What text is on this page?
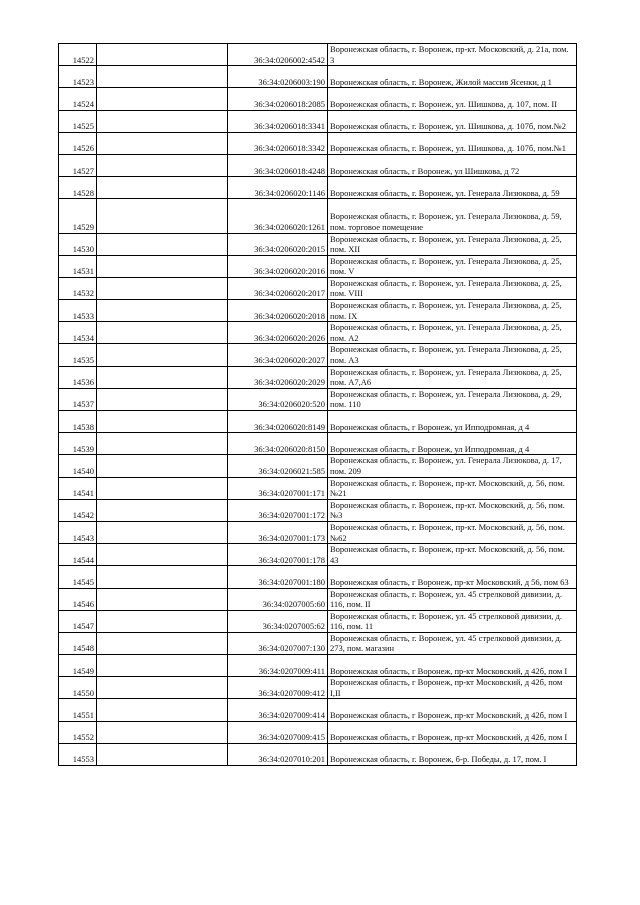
14522		36:34:0206002:4542	Воронежская область, г. Воронеж, пр-кт. Московский, д. 21а, пом. 3
14523		36:34:0206003:190	Воронежская область, г. Воронеж, Жилой массив Ясенки, д 1
14524		36:34:0206018:2085	Воронежская область, г. Воронеж, ул. Шишкова, д. 107, пом. II
14525		36:34:0206018:3341	Воронежская область, г. Воронеж, ул. Шишкова, д. 107б, пом.№2
14526		36:34:0206018:3342	Воронежская область, г. Воронеж, ул. Шишкова, д. 107б, пом.№1
14527		36:34:0206018:4248	Воронежская область, г Воронеж, ул Шишкова, д 72
14528		36:34:0206020:1146	Воронежская область, г. Воронеж, ул. Генерала Лизюкова, д. 59
14529		36:34:0206020:1261	Воронежская область, г. Воронеж, ул. Генерала Лизюкова, д. 59, пом. торговое помещение
14530		36:34:0206020:2015	Воронежская область, г. Воронеж, ул. Генерала Лизюкова, д. 25, пом. XII
14531		36:34:0206020:2016	Воронежская область, г. Воронеж, ул. Генерала Лизюкова, д. 25, пом. V
14532		36:34:0206020:2017	Воронежская область, г. Воронеж, ул. Генерала Лизюкова, д. 25, пом. VIII
14533		36:34:0206020:2018	Воронежская область, г. Воронеж, ул. Генерала Лизюкова, д. 25, пом. IX
14534		36:34:0206020:2026	Воронежская область, г. Воронеж, ул. Генерала Лизюкова, д. 25, пом. А2
14535		36:34:0206020:2027	Воронежская область, г. Воронеж, ул. Генерала Лизюкова, д. 25, пом. А3
14536		36:34:0206020:2029	Воронежская область, г. Воронеж, ул. Генерала Лизюкова, д. 25, пом. А7,А6
14537		36:34:0206020:520	Воронежская область, г. Воронеж, ул. Генерала Лизюкова, д. 29, пом. 110
14538		36:34:0206020:8149	Воронежская область, г Воронеж, ул Ипподромная, д 4
14539		36:34:0206020:8150	Воронежская область, г Воронеж, ул Ипподромная, д 4
14540		36:34:0206021:585	Воронежская область, г. Воронеж, ул. Генерала Лизюкова, д. 17, пом. 209
14541		36:34:0207001:171	Воронежская область, г. Воронеж, пр-кт. Московский, д. 56, пом. №21
14542		36:34:0207001:172	Воронежская область, г. Воронеж, пр-кт. Московский, д. 56, пом. №3
14543		36:34:0207001:173	Воронежская область, г. Воронеж, пр-кт. Московский, д. 56, пом. №62
14544		36:34:0207001:178	Воронежская область, г. Воронеж, пр-кт. Московский, д. 56, пом. 43
14545		36:34:0207001:180	Воронежская область, г Воронеж, пр-кт Московский, д 56, пом 63
14546		36:34:0207005:60	Воронежская область, г. Воронеж, ул. 45 стрелковой дивизии, д. 116, пом. II
14547		36:34:0207005:62	Воронежская область, г. Воронеж, ул. 45 стрелковой дивизии, д. 116, пом. 11
14548		36:34:0207007:130	Воронежская область, г. Воронеж, ул. 45 стрелковой дивизии, д. 273, пом. магазин
14549		36:34:0207009:411	Воронежская область, г Воронеж, пр-кт Московский, д 42б, пом I
14550		36:34:0207009:412	Воронежская область, г Воронеж, пр-кт Московский, д 42б, пом I,II
14551		36:34:0207009:414	Воронежская область, г Воронеж, пр-кт Московский, д 42б, пом I
14552		36:34:0207009:415	Воронежская область, г Воронеж, пр-кт Московский, д 42б, пом I
14553		36:34:0207010:201	Воронежская область, г. Воронеж, б-р. Победы, д. 17, пом. I
